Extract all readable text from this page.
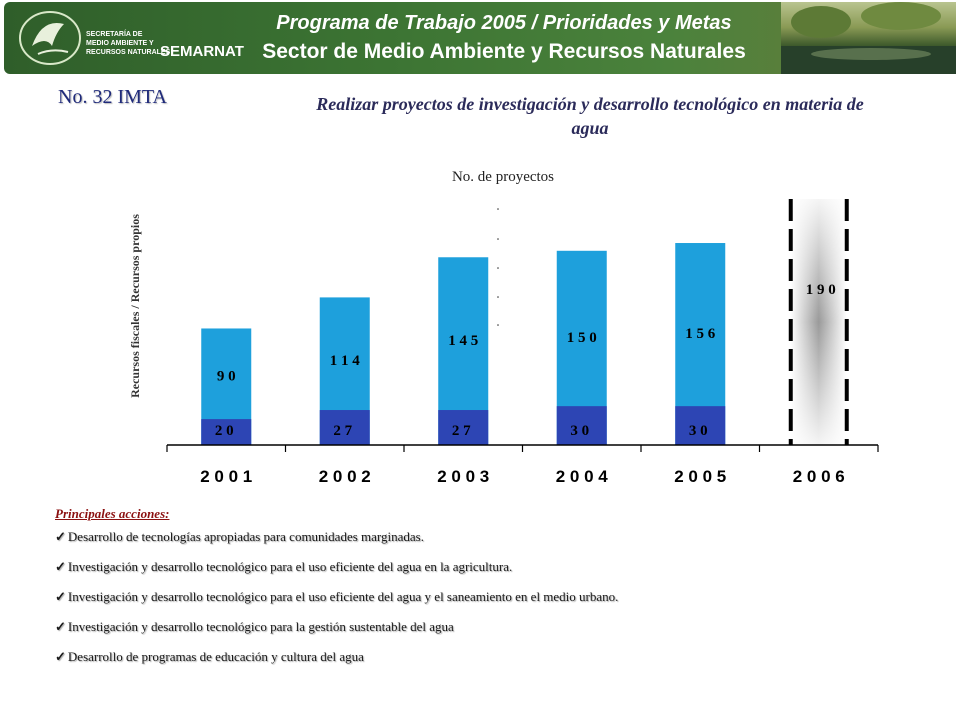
SECRETARÍA DE
MEDIO AMBIENTE Y
RECURSOS NATURALES
SEMARNAT
Programa de Trabajo 2005 / Prioridades y Metas
Sector de Medio Ambiente y Recursos Naturales
No. 32 IMTA	Realizar proyectos de investigación y desarrollo tecnológico en materia de agua
No. de proyectos
Recursos fiscales / Recursos propios	9 0
2 0
1 1 4
2 7
1 4 5
2 7
1 5 0
3 0
1 5 6
3 0
1 9 0
2 0 0 1	2 0 0 2	2 0 0 3	2 0 0 4	2 0 0 5	2 0 0 6
Principales acciones:
✓ Desarrollo de tecnologías apropiadas para comunidades marginadas.
✓ Investigación y desarrollo tecnológico para el uso eficiente del agua en la agricultura.
✓ Investigación y desarrollo tecnológico para el uso eficiente del agua y el saneamiento en el medio urbano.
✓ Investigación y desarrollo tecnológico para la gestión sustentable del agua
✓ Desarrollo de programas de educación y cultura del agua
